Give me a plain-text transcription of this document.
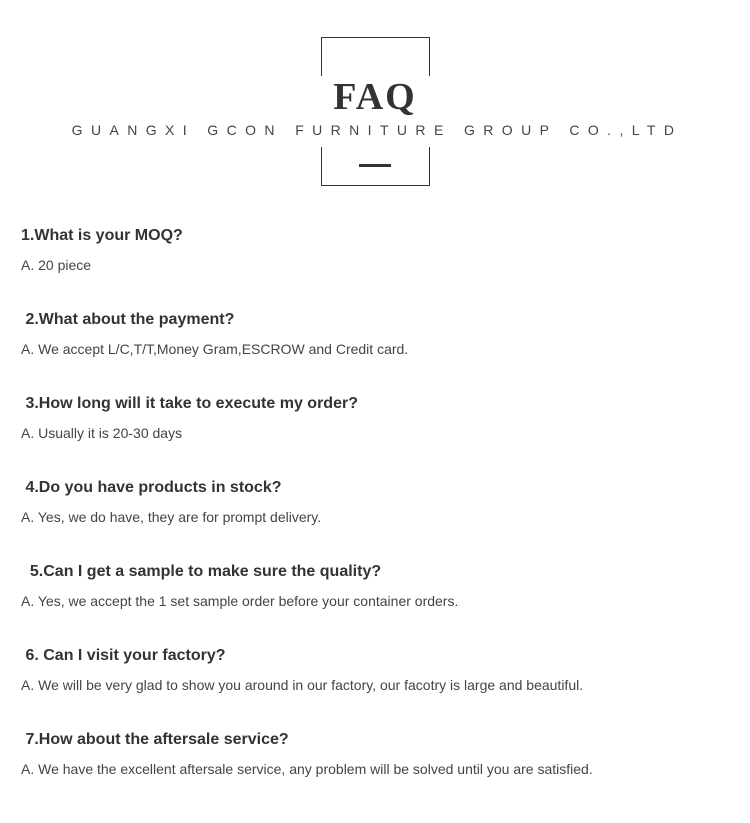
FAQ
GUANGXI GCON FURNITURE GROUP CO.,LTD
1.What is your MOQ?
A. 20 piece
2.What about the payment?
A. We accept L/C,T/T,Money Gram,ESCROW and Credit card.
3.How long will it take to execute my order?
A. Usually it is 20-30 days
4.Do you have products in stock?
A. Yes, we do have, they are for prompt delivery.
5.Can I get a sample to make sure the quality?
A. Yes, we accept the 1 set sample order before your container orders.
6. Can I visit your factory?
A. We will be very glad to show you around in our factory, our facotry is large and beautiful.
7.How about the aftersale service?
A. We have the excellent aftersale service, any problem will be solved until you are satisfied.
